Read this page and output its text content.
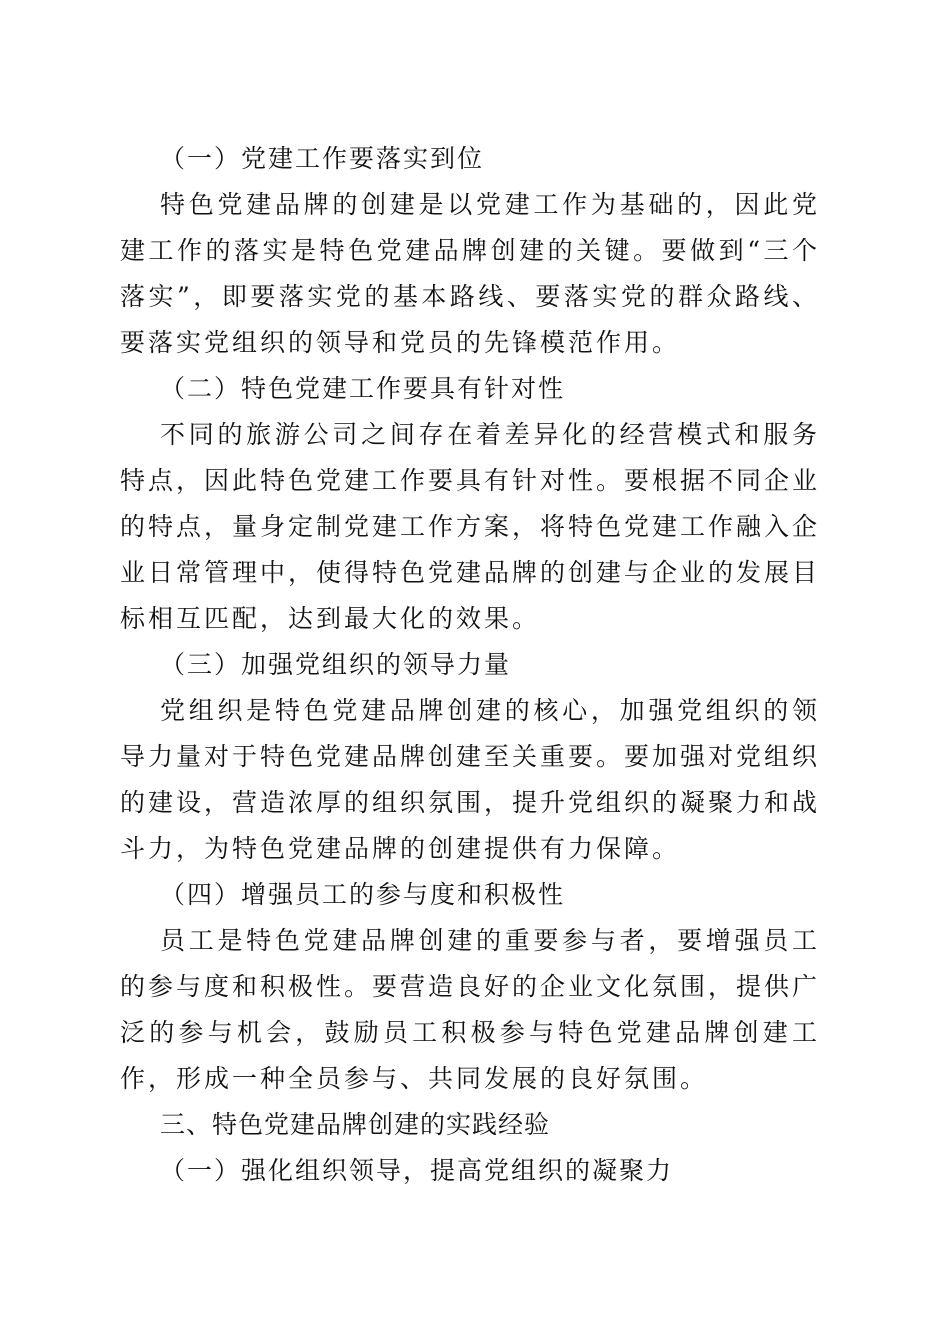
（一）党建工作要落实到位

特色党建品牌的创建是以党建工作为基础的，因此党建工作的落实是特色党建品牌创建的关键。要做到“三个落实”，即要落实党的基本路线、要落实党的群众路线、要落实党组织的领导和党员的先锋模范作用。

（二）特色党建工作要具有针对性

不同的旅游公司之间存在着差异化的经营模式和服务特点，因此特色党建工作要具有针对性。要根据不同企业的特点，量身定制党建工作方案，将特色党建工作融入企业日常管理中，使得特色党建品牌的创建与企业的发展目标相互匹配，达到最大化的效果。

（三）加强党组织的领导力量

党组织是特色党建品牌创建的核心，加强党组织的领导力量对于特色党建品牌创建至关重要。要加强对党组织的建设，营造浓厚的组织氛围，提升党组织的凝聚力和战斗力，为特色党建品牌的创建提供有力保障。

（四）增强员工的参与度和积极性

员工是特色党建品牌创建的重要参与者，要增强员工的参与度和积极性。要营造良好的企业文化氛围，提供广泛的参与机会，鼓励员工积极参与特色党建品牌创建工作，形成一种全员参与、共同发展的良好氛围。

三、特色党建品牌创建的实践经验

（一）强化组织领导，提高党组织的凝聚力
